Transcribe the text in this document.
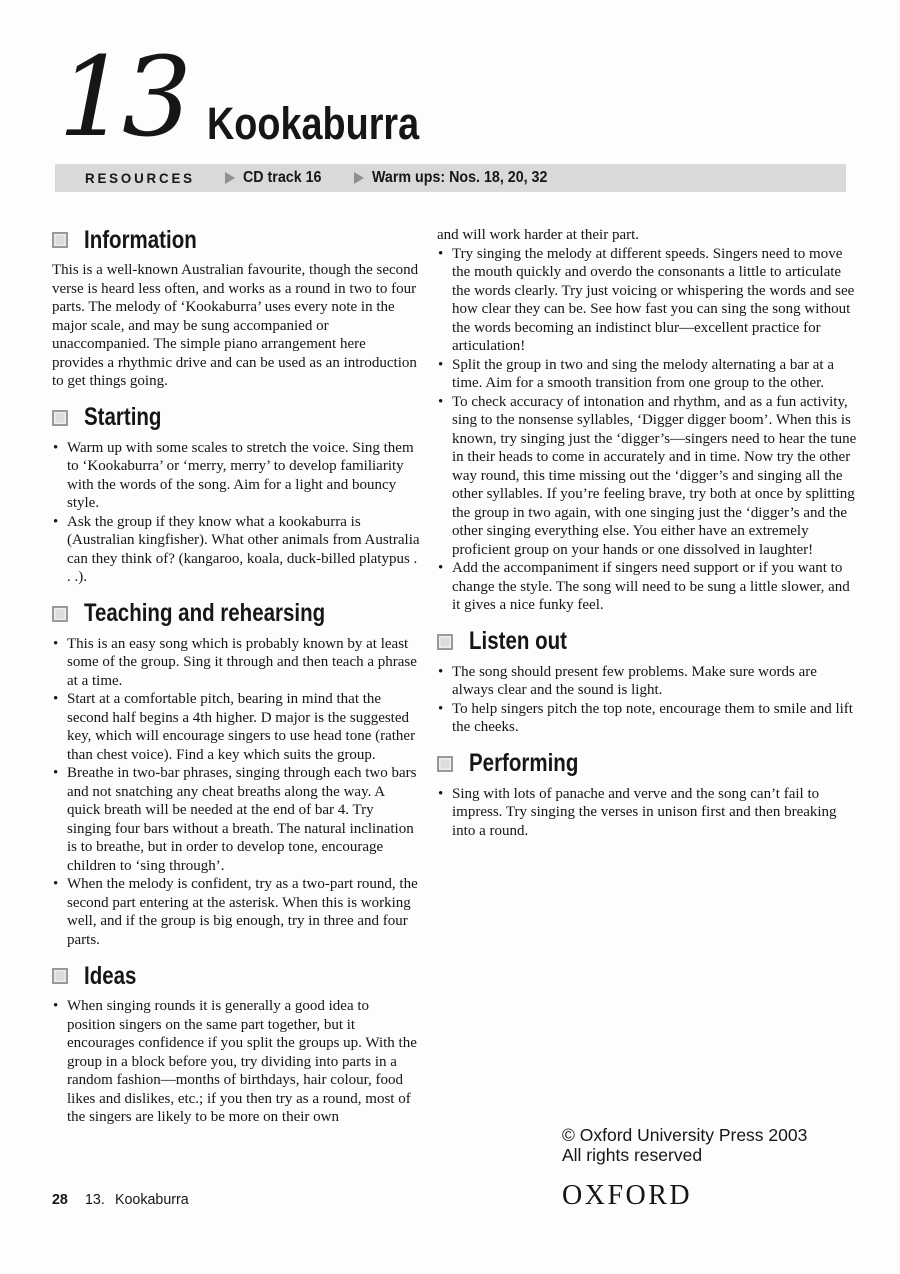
13 Kookaburra
RESOURCES	CD track 16	Warm ups: Nos. 18, 20, 32
Information

This is a well-known Australian favourite, though the second verse is heard less often, and works as a round in two to four parts. The melody of ‘Kookaburra’ uses every note in the major scale, and may be sung accompanied or unaccompanied. The simple piano arrangement here provides a rhythmic drive and can be used as an introduction to get things going.

Starting
• Warm up with some scales to stretch the voice. Sing them to ‘Kookaburra’ or ‘merry, merry’ to develop familiarity with the words of the song. Aim for a light and bouncy style.
• Ask the group if they know what a kookaburra is (Australian kingfisher). What other animals from Australia can they think of? (kangaroo, koala, duck-billed platypus . . .).
Teaching and rehearsing
• This is an easy song which is probably known by at least some of the group. Sing it through and then teach a phrase at a time.
• Start at a comfortable pitch, bearing in mind that the second half begins a 4th higher. D major is the suggested key, which will encourage singers to use head tone (rather than chest voice). Find a key which suits the group.
• Breathe in two-bar phrases, singing through each two bars and not snatching any cheat breaths along the way. A quick breath will be needed at the end of bar 4. Try singing four bars without a breath. The natural inclination is to breathe, but in order to develop tone, encourage children to ‘sing through’.
• When the melody is confident, try as a two-part round, the second part entering at the asterisk. When this is working well, and if the group is big enough, try in three and four parts.
Ideas
• When singing rounds it is generally a good idea to position singers on the same part together, but it encourages confidence if you split the groups up. With the group in a block before you, try dividing into parts in a random fashion—months of birthdays, hair colour, food likes and dislikes, etc.; if you then try as a round, most of the singers are likely to be more on their own

and will work harder at their part.

• Try singing the melody at different speeds. Singers need to move the mouth quickly and overdo the consonants a little to articulate the words clearly. Try just voicing or whispering the words and see how clear they can be. See how fast you can sing the song without the words becoming an indistinct blur—excellent practice for articulation!
• Split the group in two and sing the melody alternating a bar at a time. Aim for a smooth transition from one group to the other.
• To check accuracy of intonation and rhythm, and as a fun activity, sing to the nonsense syllables, ‘Digger digger boom’. When this is known, try singing just the ‘digger’s—singers need to hear the tune in their heads to come in accurately and in time. Now try the other way round, this time missing out the ‘digger’s and singing all the other syllables. If you’re feeling brave, try both at once by splitting the group in two again, with one singing just the ‘digger’s and the other singing everything else. You either have an extremely proficient group on your hands or one dissolved in laughter!
• Add the accompaniment if singers need support or if you want to change the style. The song will need to be sung a little slower, and it gives a nice funky feel.
Listen out
• The song should present few problems. Make sure words are always clear and the sound is light.
• To help singers pitch the top note, encourage them to smile and lift the cheeks.
Performing
• Sing with lots of panache and verve and the song can’t fail to impress. Try singing the verses in unison first and then breaking into a round.
© Oxford University Press 2003
All rights reserved
OXFORD
28 13. Kookaburra
